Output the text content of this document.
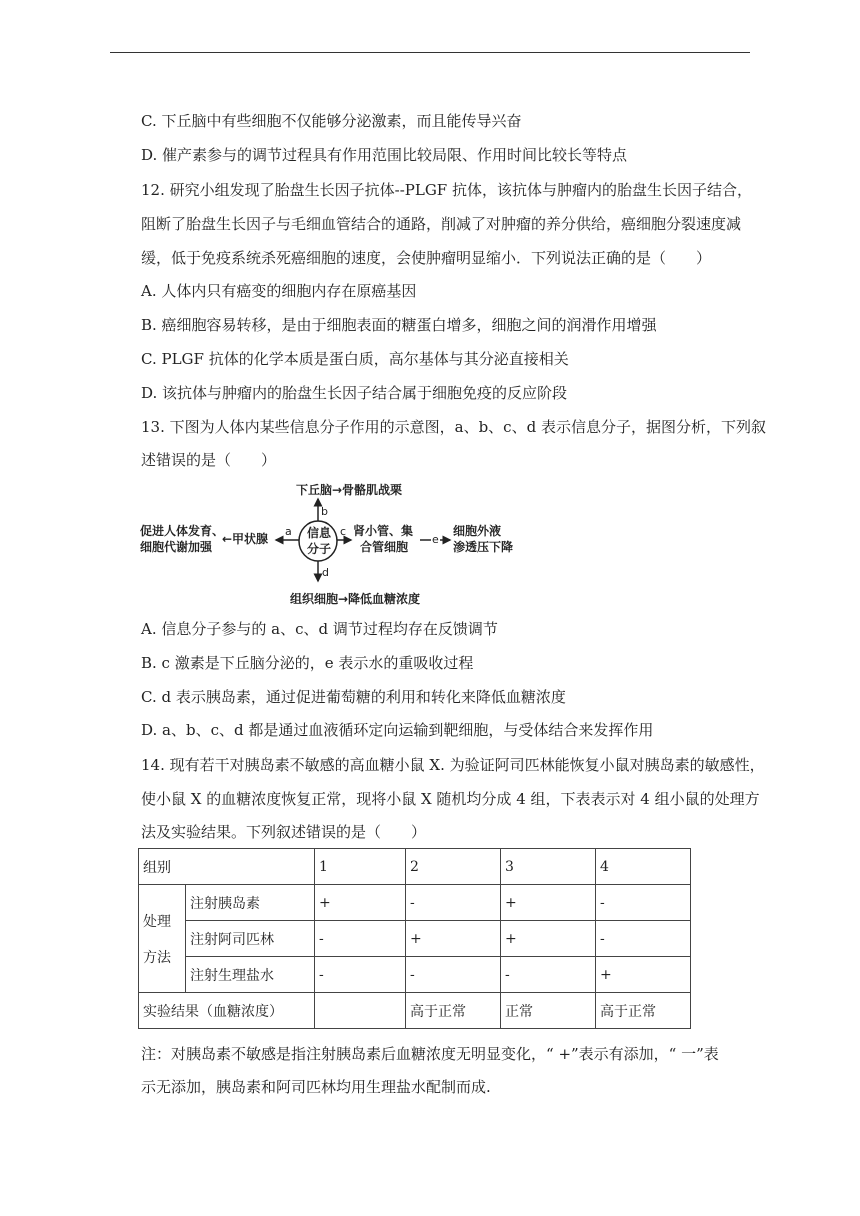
C. 下丘脑中有些细胞不仅能够分泌激素，而且能传导兴奋
D. 催产素参与的调节过程具有作用范围比较局限、作用时间比较长等特点
12. 研究小组发现了胎盘生长因子抗体--PLGF 抗体，该抗体与肿瘤内的胎盘生长因子结合，
阻断了胎盘生长因子与毛细血管结合的通路，削减了对肿瘤的养分供给，癌细胞分裂速度减
缓，低于免疫系统杀死癌细胞的速度，会使肿瘤明显缩小．下列说法正确的是（　　）
A. 人体内只有癌变的细胞内存在原癌基因
B. 癌细胞容易转移，是由于细胞表面的糖蛋白增多，细胞之间的润滑作用增强
C. PLGF 抗体的化学本质是蛋白质，高尔基体与其分泌直接相关
D. 该抗体与肿瘤内的胎盘生长因子结合属于细胞免疫的反应阶段
13. 下图为人体内某些信息分子作用的示意图，a、b、c、d 表示信息分子，据图分析，下列叙
述错误的是（　　）
下丘脑→骨骼肌战栗
b
信息
分子
促进人体发育、
细胞代谢加强
←甲状腺
a	c 肾小管、集
合管细胞
e
细胞外液
渗透压下降
d
组织细胞→降低血糖浓度
A. 信息分子参与的 a、c、d 调节过程均存在反馈调节
B. c 激素是下丘脑分泌的，e 表示水的重吸收过程
C. d 表示胰岛素，通过促进葡萄糖的利用和转化来降低血糖浓度
D. a、b、c、d 都是通过血液循环定向运输到靶细胞，与受体结合来发挥作用
14. 现有若干对胰岛素不敏感的高血糖小鼠 X. 为验证阿司匹林能恢复小鼠对胰岛素的敏感性，
使小鼠 X 的血糖浓度恢复正常，现将小鼠 X 随机均分成 4 组，下表表示对 4 组小鼠的处理方
法及实验结果。下列叙述错误的是（　　）
组别		1	2	3	4
处理

方法	注射胰岛素	+	-	+	-
	注射阿司匹林	-	+	+	-
	注射生理盐水	-	-	-	+
实验结果（血糖浓度）			高于正常	正常	高于正常
注：对胰岛素不敏感是指注射胰岛素后血糖浓度无明显变化，“ +”表示有添加，“ 一”表
示无添加，胰岛素和阿司匹林均用生理盐水配制而成.
